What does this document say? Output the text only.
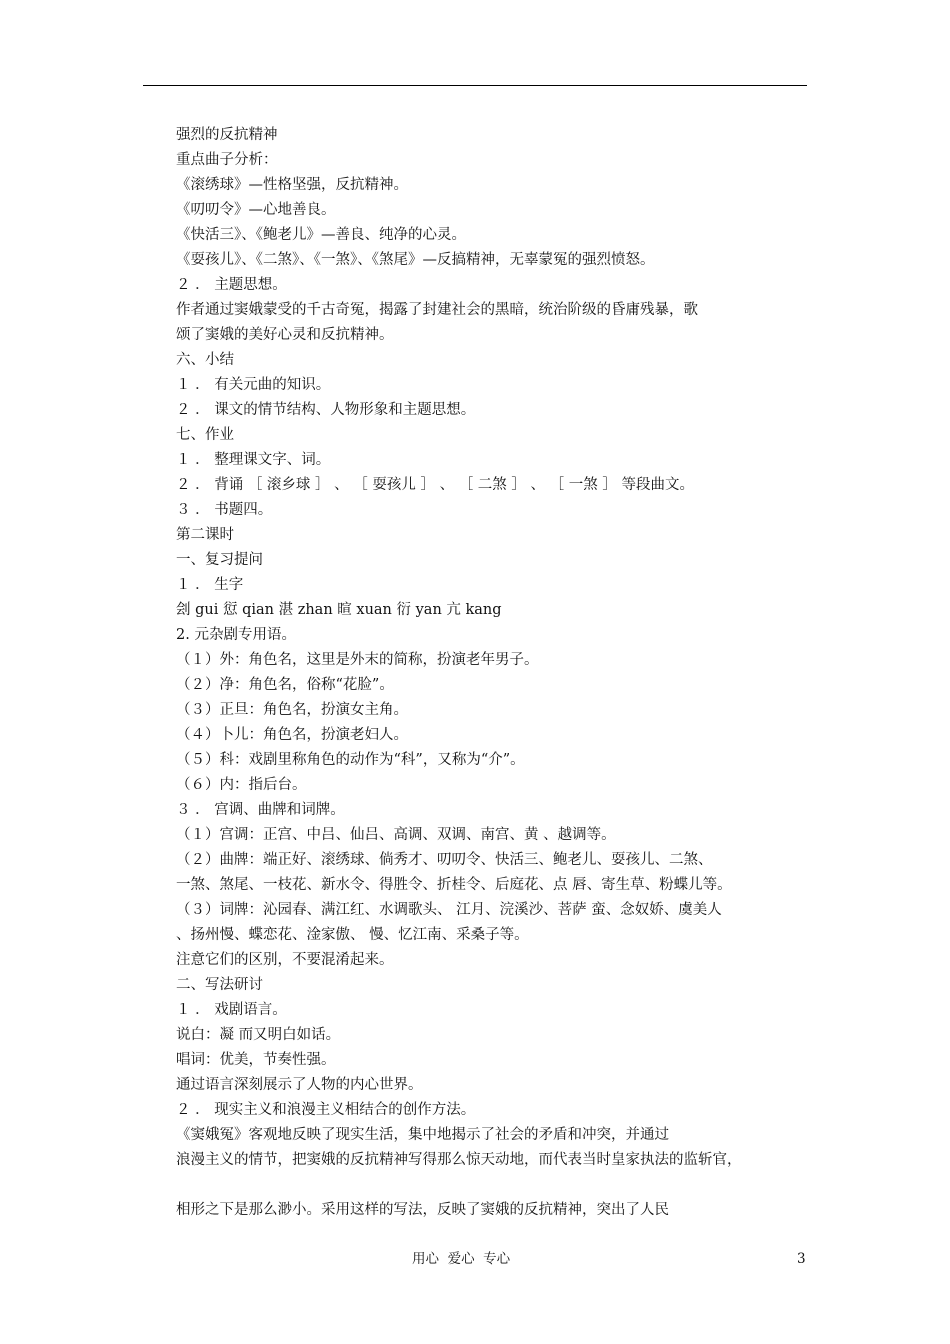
强烈的反抗精神
重点曲子分析：
《滚绣球》—性格坚强，反抗精神。
《叨叨令》—心地善良。
《快活三》、《鲍老儿》—善良、纯净的心灵。
《耍孩儿》、《二煞》、《一煞》、《煞尾》—反搞精神，无辜蒙冤的强烈愤怒。
２ ． 主题思想。
作者通过窦娥蒙受的千古奇冤，揭露了封建社会的黑暗，统治阶级的昏庸残暴，歌
颂了窦娥的美好心灵和反抗精神。
六、小结
１ ． 有关元曲的知识。
２ ． 课文的情节结构、人物形象和主题思想。
七、作业
１ ． 整理课文字、词。
２ ． 背诵 ［ 滚乡球 ］ 、 ［ 耍孩儿 ］ 、 ［ 二煞 ］ 、 ［ 一煞 ］ 等段曲文。
３ ． 书题四。
第二课时
一、复习提问
１ ． 生字
刽 gui 愆 qian 湛 zhan 暄 xuan 衍 yan 亢 kang
2. 元杂剧专用语。
（１）外：角色名，这里是外末的简称，扮演老年男子。
（２）净：角色名，俗称“花脸”。
（３）正旦：角色名，扮演女主角。
（４）卜儿：角色名，扮演老妇人。
（５）科：戏剧里称角色的动作为“科”，又称为“介”。
（６）内：指后台。
３ ． 宫调、曲牌和词牌。
（１）宫调：正宫、中吕、仙吕、高调、双调、南宫、黄 、越调等。
（２）曲牌：端正好、滚绣球、倘秀才、叨叨令、快活三、鲍老儿、耍孩儿、二煞、
一煞、煞尾、一枝花、新水令、得胜令、折桂令、后庭花、点 唇、寄生草、粉蝶儿等。
（３）词牌：沁园春、满江红、水调歌头、 江月、浣溪沙、菩萨 蛮、念奴娇、虞美人
、扬州慢、蝶恋花、淦家傲、 慢、忆江南、采桑子等。
注意它们的区别，不要混淆起来。
二、写法研讨
１ ． 戏剧语言。
说白：凝 而又明白如话。
唱词：优美，节奏性强。
通过语言深刻展示了人物的内心世界。
２ ． 现实主义和浪漫主义相结合的创作方法。
《窦娥冤》客观地反映了现实生活，集中地揭示了社会的矛盾和冲突，并通过
浪漫主义的情节，把窦娥的反抗精神写得那么惊天动地，而代表当时皇家执法的监斩官，
相形之下是那么渺小。采用这样的写法，反映了窦娥的反抗精神，突出了人民
用心  爱心  专心	3
